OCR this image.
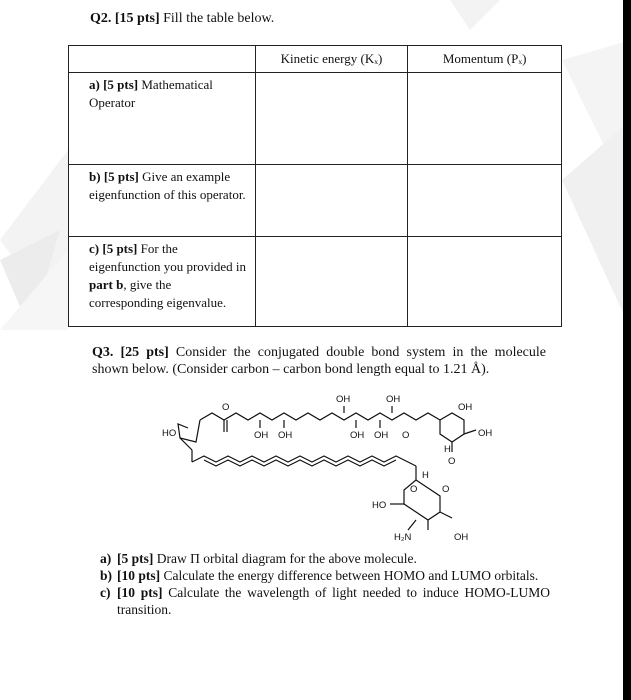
Q2. [15 pts] Fill the table below.
	Kinetic energy (Kₓ)	Momentum (Pₓ)
a) [5 pts] Mathematical Operator		
b) [5 pts] Give an example eigenfunction of this operator.		
c) [5 pts] For the eigenfunction you provided in part b, give the corresponding eigenvalue.		
Q3. [25 pts] Consider the conjugated double bond system in the molecule shown below. (Consider carbon – carbon bond length equal to 1.21 Å).
OH	OH
OH
HO
O
OH OH	OH OH O	OH
H
O
H
O	O
HO
H₂N	OH
a) [5 pts] Draw Π orbital diagram for the above molecule.
b) [10 pts] Calculate the energy difference between HOMO and LUMO orbitals.
c) [10 pts] Calculate the wavelength of light needed to induce HOMO-LUMO transition.
